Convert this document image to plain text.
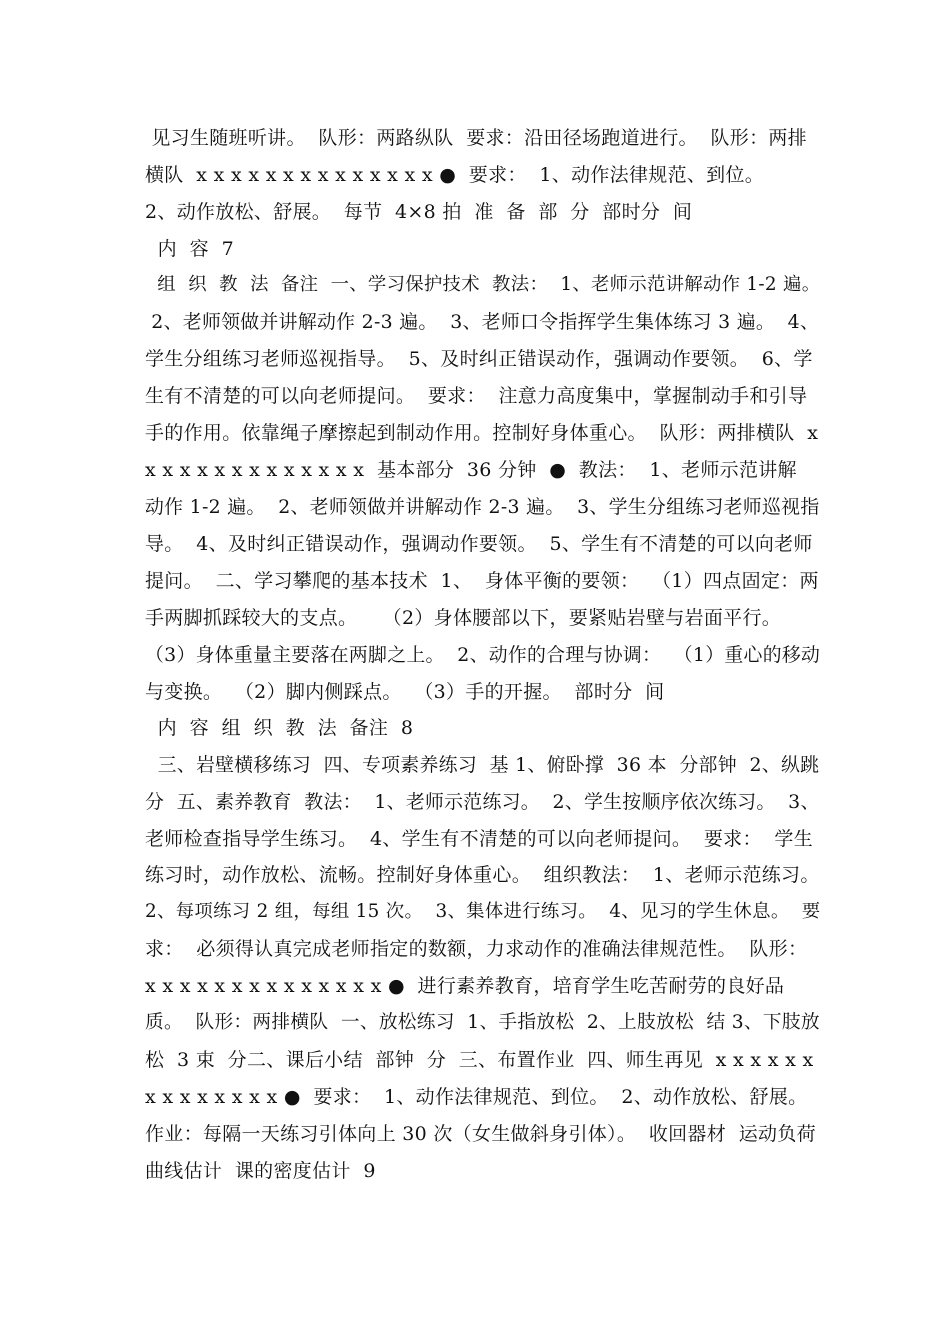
见习生随班听讲。  队形：两路纵队  要求：沿田径场跑道进行。  队形：两排
横队  x x x x x x x x x x x x x x ●  要求：  1、动作法律规范、到位。
2、动作放松、舒展。  每节  4×8 拍  准  备  部  分  部时分  间
内  容  7
组  织  教  法  备注  一、学习保护技术  教法：  1、老师示范讲解动作 1-2 遍。
2、老师领做并讲解动作 2-3 遍。  3、老师口令指挥学生集体练习 3 遍。  4、
学生分组练习老师巡视指导。  5、及时纠正错误动作，强调动作要领。  6、学
生有不清楚的可以向老师提问。  要求：  注意力高度集中，掌握制动手和引导
手的作用。依靠绳子摩擦起到制动作用。控制好身体重心。  队形：两排横队  x
x x x x x x x x x x x x x  基本部分  36 分钟  ●  教法：  1、老师示范讲解
动作 1-2 遍。  2、老师领做并讲解动作 2-3 遍。  3、学生分组练习老师巡视指
导。  4、及时纠正错误动作，强调动作要领。  5、学生有不清楚的可以向老师
提问。  二、学习攀爬的基本技术  1、  身体平衡的要领：  （1）四点固定：两
手两脚抓踩较大的支点。    （2）身体腰部以下，要紧贴岩壁与岩面平行。
（3）身体重量主要落在两脚之上。  2、动作的合理与协调：  （1）重心的移动
与变换。  （2）脚内侧踩点。  （3）手的开握。  部时分  间
内  容  组  织  教  法  备注  8
三、岩壁横移练习  四、专项素养练习  基 1、俯卧撑  36 本  分部钟  2、纵跳
分  五、素养教育  教法：  1、老师示范练习。  2、学生按顺序依次练习。  3、
老师检查指导学生练习。  4、学生有不清楚的可以向老师提问。  要求：  学生
练习时，动作放松、流畅。控制好身体重心。  组织教法：  1、老师示范练习。
2、每项练习 2 组，每组 15 次。  3、集体进行练习。  4、见习的学生休息。  要
求：  必须得认真完成老师指定的数额，力求动作的准确法律规范性。  队形：
x x x x x x x x x x x x x x ●  进行素养教育，培育学生吃苦耐劳的良好品
质。  队形：两排横队  一、放松练习  1、手指放松  2、上肢放松  结 3、下肢放
松  3 束  分二、课后小结  部钟  分  三、布置作业  四、师生再见  x x x x x x
x x x x x x x x ●  要求：  1、动作法律规范、到位。  2、动作放松、舒展。
作业：每隔一天练习引体向上 30 次（女生做斜身引体）。  收回器材  运动负荷
曲线估计  课的密度估计  9
